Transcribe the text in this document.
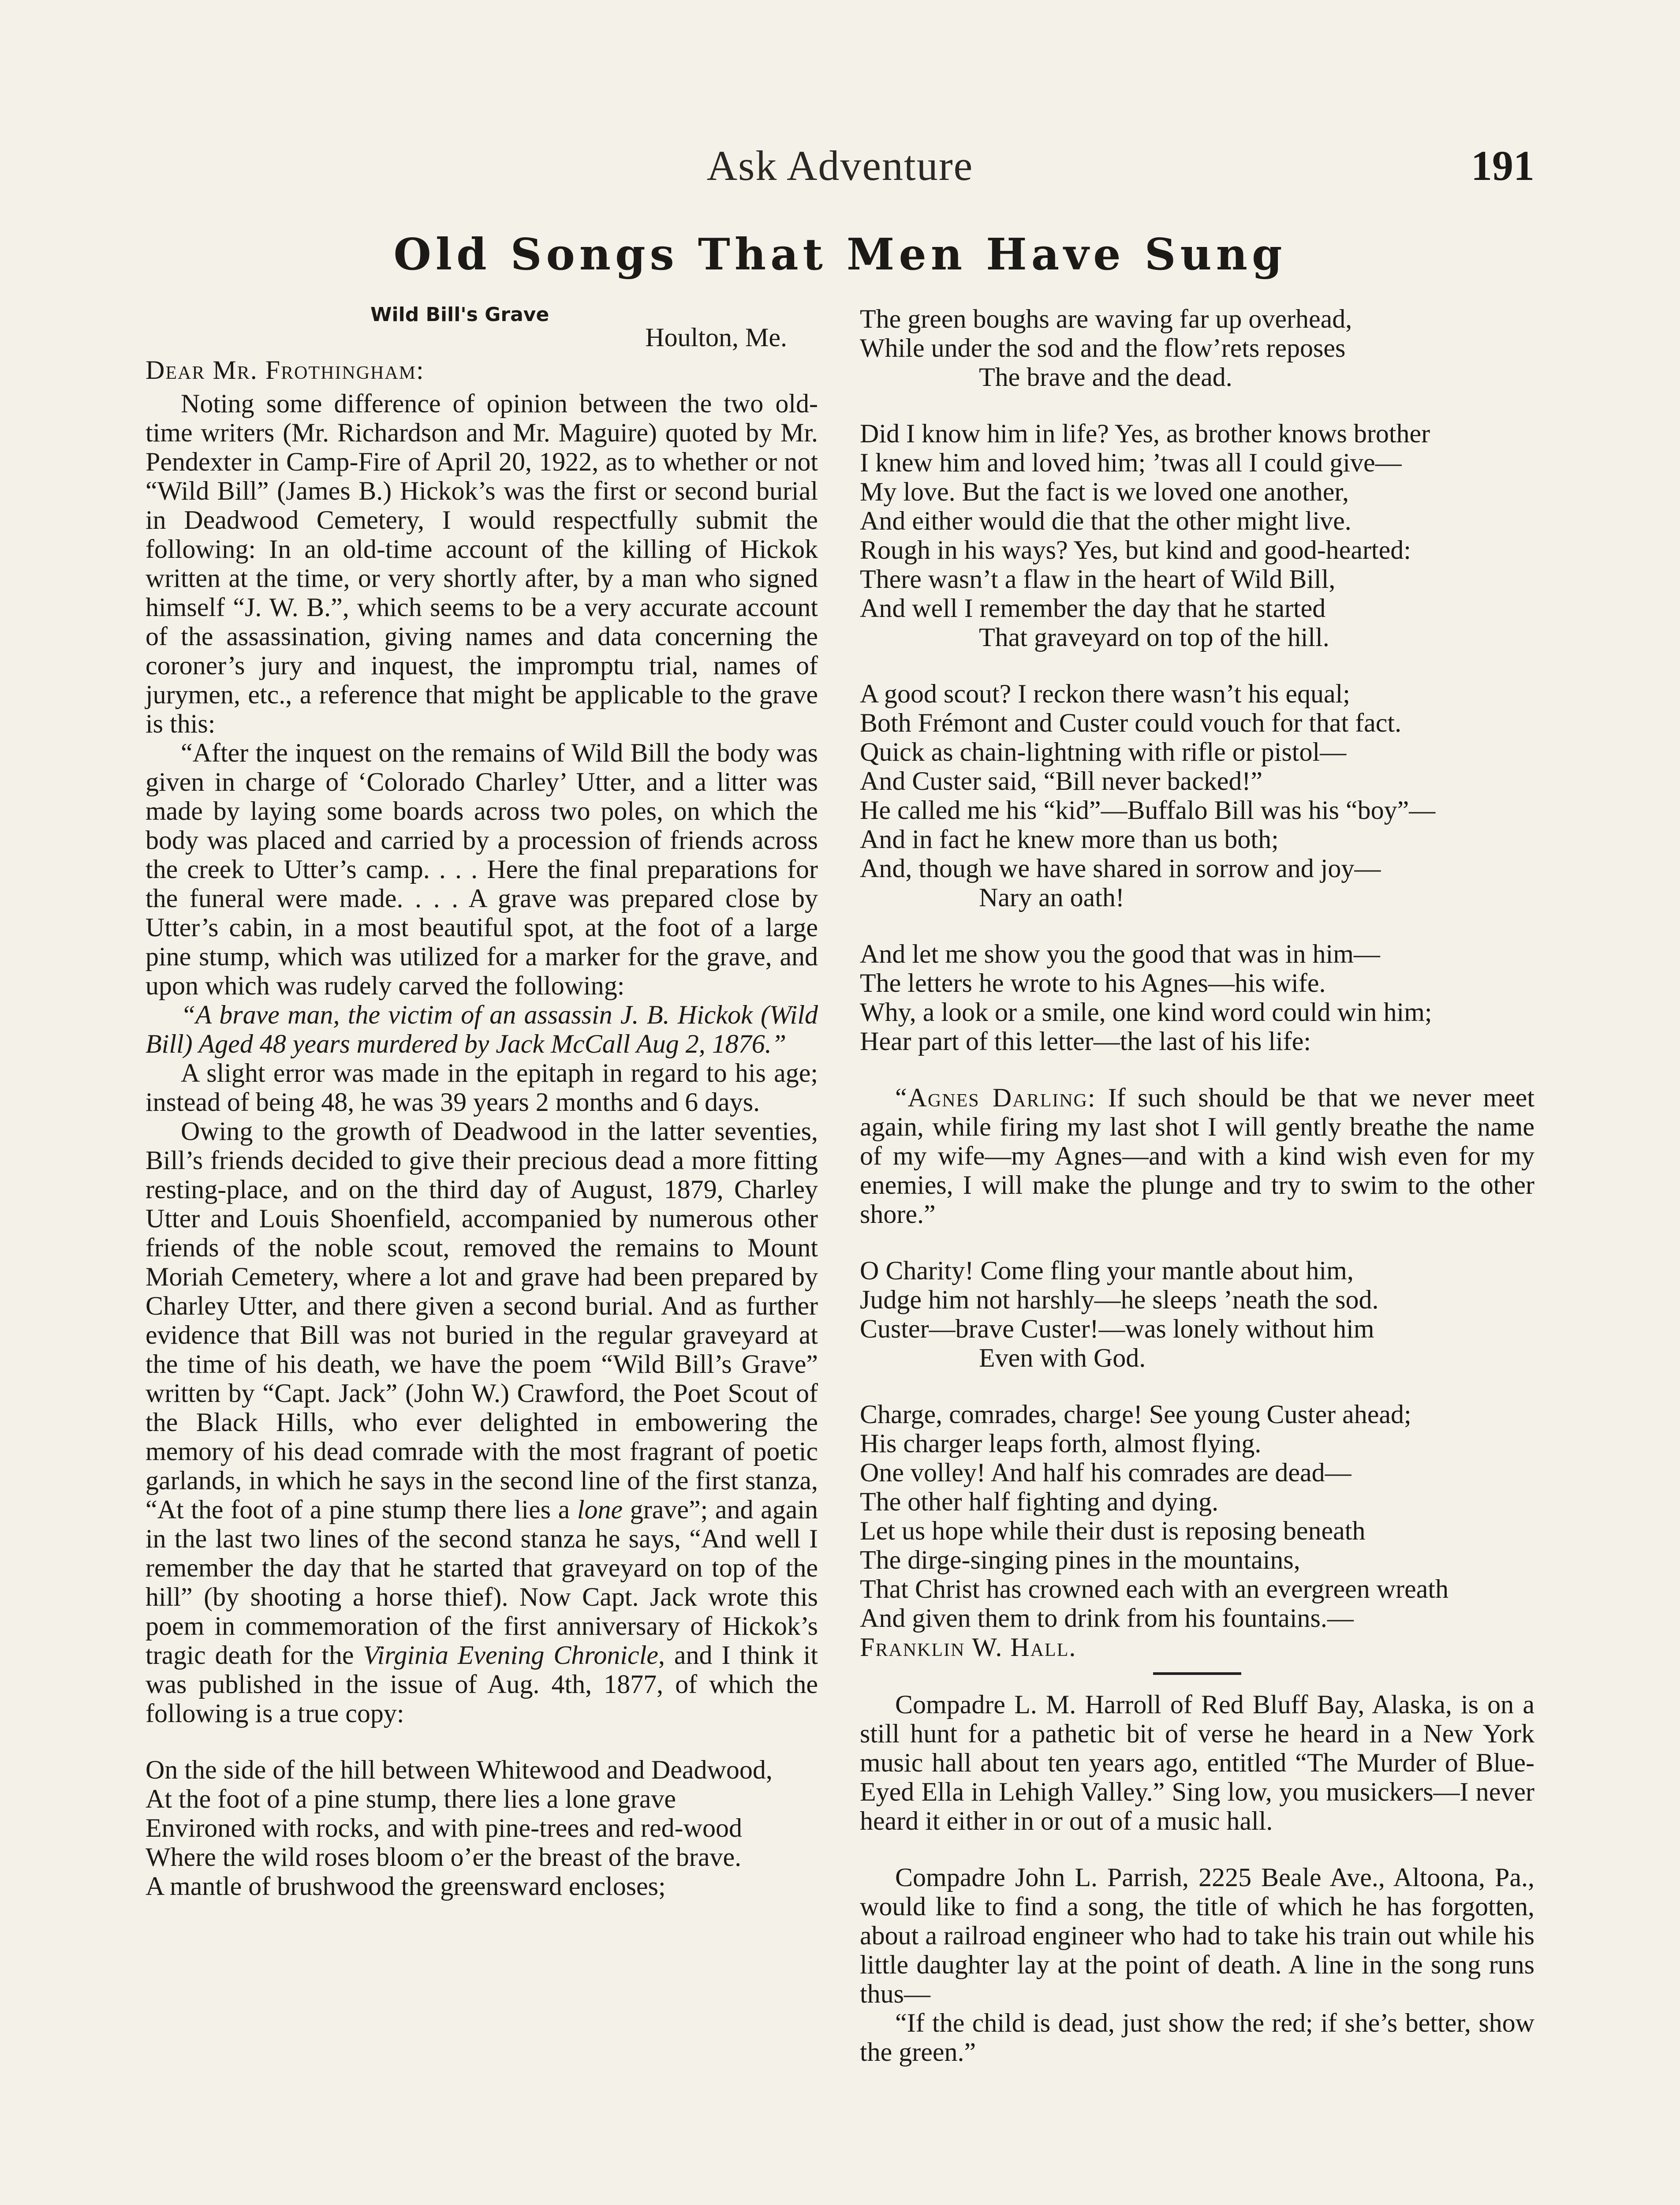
Ask Adventure	191
Old Songs That Men Have Sung

Wild Bill's Grave

Houlton, Me.

Dear Mr. Frothingham:

Noting some difference of opinion between the two old-time writers (Mr. Richardson and Mr. Maguire) quoted by Mr. Pendexter in Camp-Fire of April 20, 1922, as to whether or not “Wild Bill” (James B.) Hickok’s was the first or second burial in Deadwood Cemetery, I would respectfully submit the following: In an old-time account of the killing of Hickok written at the time, or very shortly after, by a man who signed himself “J. W. B.”, which seems to be a very accurate account of the assassination, giving names and data concerning the coroner’s jury and inquest, the impromptu trial, names of jurymen, etc., a reference that might be applicable to the grave is this:

“After the inquest on the remains of Wild Bill the body was given in charge of ‘Colorado Charley’ Utter, and a litter was made by laying some boards across two poles, on which the body was placed and carried by a procession of friends across the creek to Utter’s camp. . . . Here the final preparations for the funeral were made. . . . A grave was prepared close by Utter’s cabin, in a most beautiful spot, at the foot of a large pine stump, which was utilized for a marker for the grave, and upon which was rudely carved the following:

“A brave man, the victim of an assassin J. B. Hickok (Wild Bill) Aged 48 years murdered by Jack McCall Aug 2, 1876.”

A slight error was made in the epitaph in regard to his age; instead of being 48, he was 39 years 2 months and 6 days.

Owing to the growth of Deadwood in the latter seventies, Bill’s friends decided to give their precious dead a more fitting resting-place, and on the third day of August, 1879, Charley Utter and Louis Shoenfield, accompanied by numerous other friends of the noble scout, removed the remains to Mount Moriah Cemetery, where a lot and grave had been prepared by Charley Utter, and there given a second burial. And as further evidence that Bill was not buried in the regular graveyard at the time of his death, we have the poem “Wild Bill’s Grave” written by “Capt. Jack” (John W.) Crawford, the Poet Scout of the Black Hills, who ever delighted in embowering the memory of his dead comrade with the most fragrant of poetic garlands, in which he says in the second line of the first stanza, “At the foot of a pine stump there lies a lone grave”; and again in the last two lines of the second stanza he says, “And well I remember the day that he started that graveyard on top of the hill” (by shooting a horse thief). Now Capt. Jack wrote this poem in commemoration of the first anniversary of Hickok’s tragic death for the Virginia Evening Chronicle, and I think it was published in the issue of Aug. 4th, 1877, of which the following is a true copy:

On the side of the hill between Whitewood and Deadwood,

At the foot of a pine stump, there lies a lone grave

Environed with rocks, and with pine-trees and red-wood

Where the wild roses bloom o’er the breast of the brave.

A mantle of brushwood the greensward encloses;

The green boughs are waving far up overhead,

While under the sod and the flow’rets reposes

The brave and the dead.

Did I know him in life? Yes, as brother knows brother

I knew him and loved him; ’twas all I could give—

My love. But the fact is we loved one another,

And either would die that the other might live.

Rough in his ways? Yes, but kind and good-hearted:

There wasn’t a flaw in the heart of Wild Bill,

And well I remember the day that he started

That graveyard on top of the hill.

A good scout? I reckon there wasn’t his equal;

Both Frémont and Custer could vouch for that fact.

Quick as chain-lightning with rifle or pistol—

And Custer said, “Bill never backed!”

He called me his “kid”—Buffalo Bill was his “boy”—

And in fact he knew more than us both;

And, though we have shared in sorrow and joy—

Nary an oath!

And let me show you the good that was in him—

The letters he wrote to his Agnes—his wife.

Why, a look or a smile, one kind word could win him;

Hear part of this letter—the last of his life:

“Agnes Darling: If such should be that we never meet again, while firing my last shot I will gently breathe the name of my wife—my Agnes—and with a kind wish even for my enemies, I will make the plunge and try to swim to the other shore.”

O Charity! Come fling your mantle about him,

Judge him not harshly—he sleeps ’neath the sod.

Custer—brave Custer!—was lonely without him

Even with God.

Charge, comrades, charge! See young Custer ahead;

His charger leaps forth, almost flying.

One volley! And half his comrades are dead—

The other half fighting and dying.

Let us hope while their dust is reposing beneath

The dirge-singing pines in the mountains,

That Christ has crowned each with an evergreen wreath

And given them to drink from his fountains.—

Franklin W. Hall.

Compadre L. M. Harroll of Red Bluff Bay, Alaska, is on a still hunt for a pathetic bit of verse he heard in a New York music hall about ten years ago, entitled “The Murder of Blue-Eyed Ella in Lehigh Valley.” Sing low, you musickers—I never heard it either in or out of a music hall.

Compadre John L. Parrish, 2225 Beale Ave., Altoona, Pa., would like to find a song, the title of which he has forgotten, about a railroad engineer who had to take his train out while his little daughter lay at the point of death. A line in the song runs thus—

“If the child is dead, just show the red; if she’s better, show the green.”
